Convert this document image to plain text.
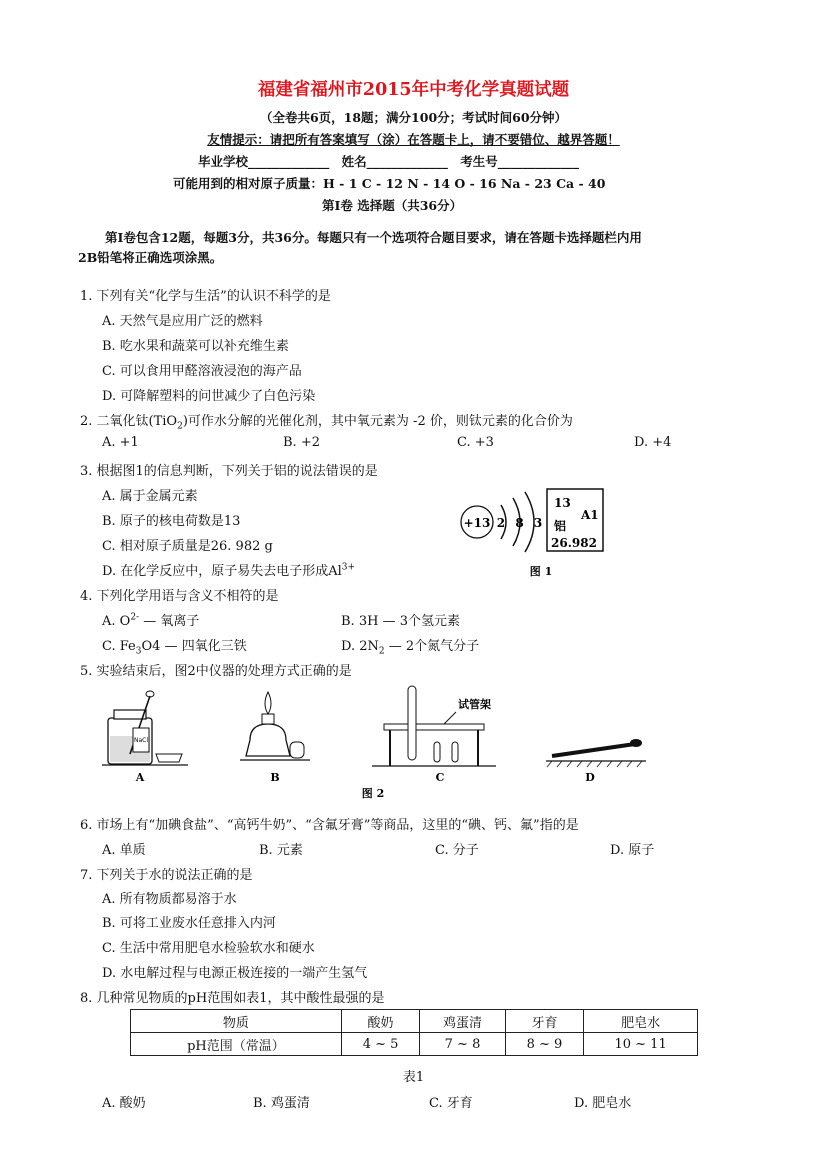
福建省福州市2015年中考化学真题试题
（全卷共6页，18题；满分100分；考试时间60分钟）
友情提示：请把所有答案填写（涂）在答题卡上，请不要错位、越界答题！
毕业学校_____________ 姓名_____________ 考生号_____________
可能用到的相对原子质量：H - 1 C - 12 N - 14 O - 16 Na - 23 Ca - 40
第Ⅰ卷 选择题（共36分）
第Ⅰ卷包含12题，每题3分，共36分。每题只有一个选项符合题目要求，请在答题卡选择题栏内用
2B铅笔将正确选项涂黑。
1. 下列有关“化学与生活”的认识不科学的是
A. 天然气是应用广泛的燃料
B. 吃水果和蔬菜可以补充维生素
C. 可以食用甲醛溶液浸泡的海产品
D. 可降解塑料的问世减少了白色污染
2. 二氧化钛(TiO$_2$)可作水分解的光催化剂，其中氧元素为 -2 价，则钛元素的化合价为
A. +1	B. +2	C. +3	D. +4
3. 根据图1的信息判断，下列关于铝的说法错误的是
A. 属于金属元素
B. 原子的核电荷数是13
C. 相对原子质量是26. 982 g
D. 在化学反应中，原子易失去电子形成$Al^{3+}$
+13 2 8 3
13
A1
铝
26.982
图 1
4. 下列化学用语与含义不相符的是
A. $O^{2-}$ — 氧离子	B. 3H — 3个氢元素
C. $Fe_3O4$ — 四氧化三铁	D. $2N_2$ — 2个氮气分子
5. 实验结束后，图2中仪器的处理方式正确的是
NaCl
A	B
试管架
C	D
图 2
6. 市场上有“加碘食盐”、“高钙牛奶”、“含氟牙膏”等商品，这里的“碘、钙、氟”指的是
A. 单质	B. 元素	C. 分子	D. 原子
7. 下列关于水的说法正确的是
A. 所有物质都易溶于水
B. 可将工业废水任意排入内河
C. 生活中常用肥皂水检验软水和硬水
D. 水电解过程与电源正极连接的一端产生氢气
8. 几种常见物质的pH范围如表1，其中酸性最强的是
物质	酸奶	鸡蛋清	牙育	肥皂水
pH范围（常温）	4 ~ 5	7 ~ 8	8 ~ 9	10 ~ 11
表1
A. 酸奶	B. 鸡蛋清	C. 牙育	D. 肥皂水
